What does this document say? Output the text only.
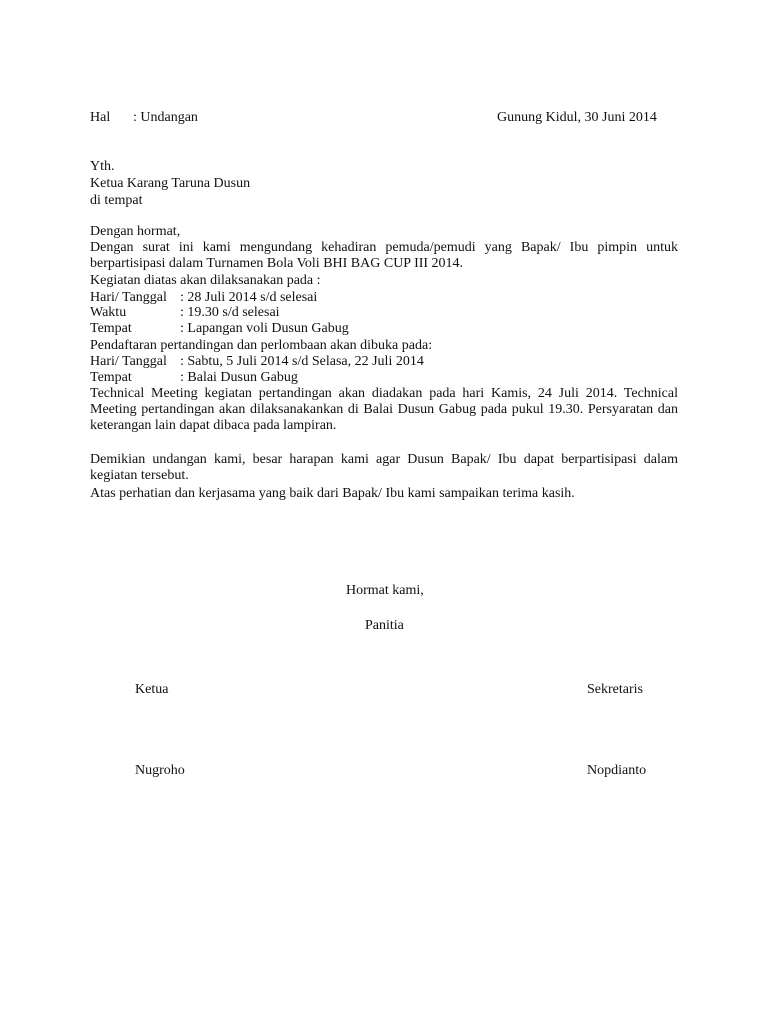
Hal : Undangan	Gunung Kidul, 30 Juni 2014
Yth.
Ketua Karang Taruna Dusun
di tempat
Dengan hormat,
Dengan surat ini kami mengundang kehadiran pemuda/pemudi yang Bapak/ Ibu pimpin untuk berpartisipasi dalam Turnamen Bola Voli BHI BAG CUP III 2014.
Kegiatan diatas akan dilaksanakan pada :
Hari/ Tanggal : 28 Juli 2014 s/d selesai
Waktu	: 19.30 s/d selesai
Tempat	: Lapangan voli Dusun Gabug
Pendaftaran pertandingan dan perlombaan akan dibuka pada:
Hari/ Tanggal : Sabtu, 5 Juli 2014 s/d Selasa, 22 Juli 2014
Tempat	: Balai Dusun Gabug
Technical Meeting kegiatan pertandingan akan diadakan pada hari Kamis, 24 Juli 2014. Technical Meeting pertandingan akan dilaksanakankan di Balai Dusun Gabug pada pukul 19.30. Persyaratan dan keterangan lain dapat dibaca pada lampiran.
Demikian undangan kami, besar harapan kami agar Dusun Bapak/ Ibu dapat berpartisipasi dalam kegiatan tersebut.
Atas perhatian dan kerjasama yang baik dari Bapak/ Ibu kami sampaikan terima kasih.
Hormat kami,
Panitia
Ketua	Sekretaris
Nugroho	Nopdianto
